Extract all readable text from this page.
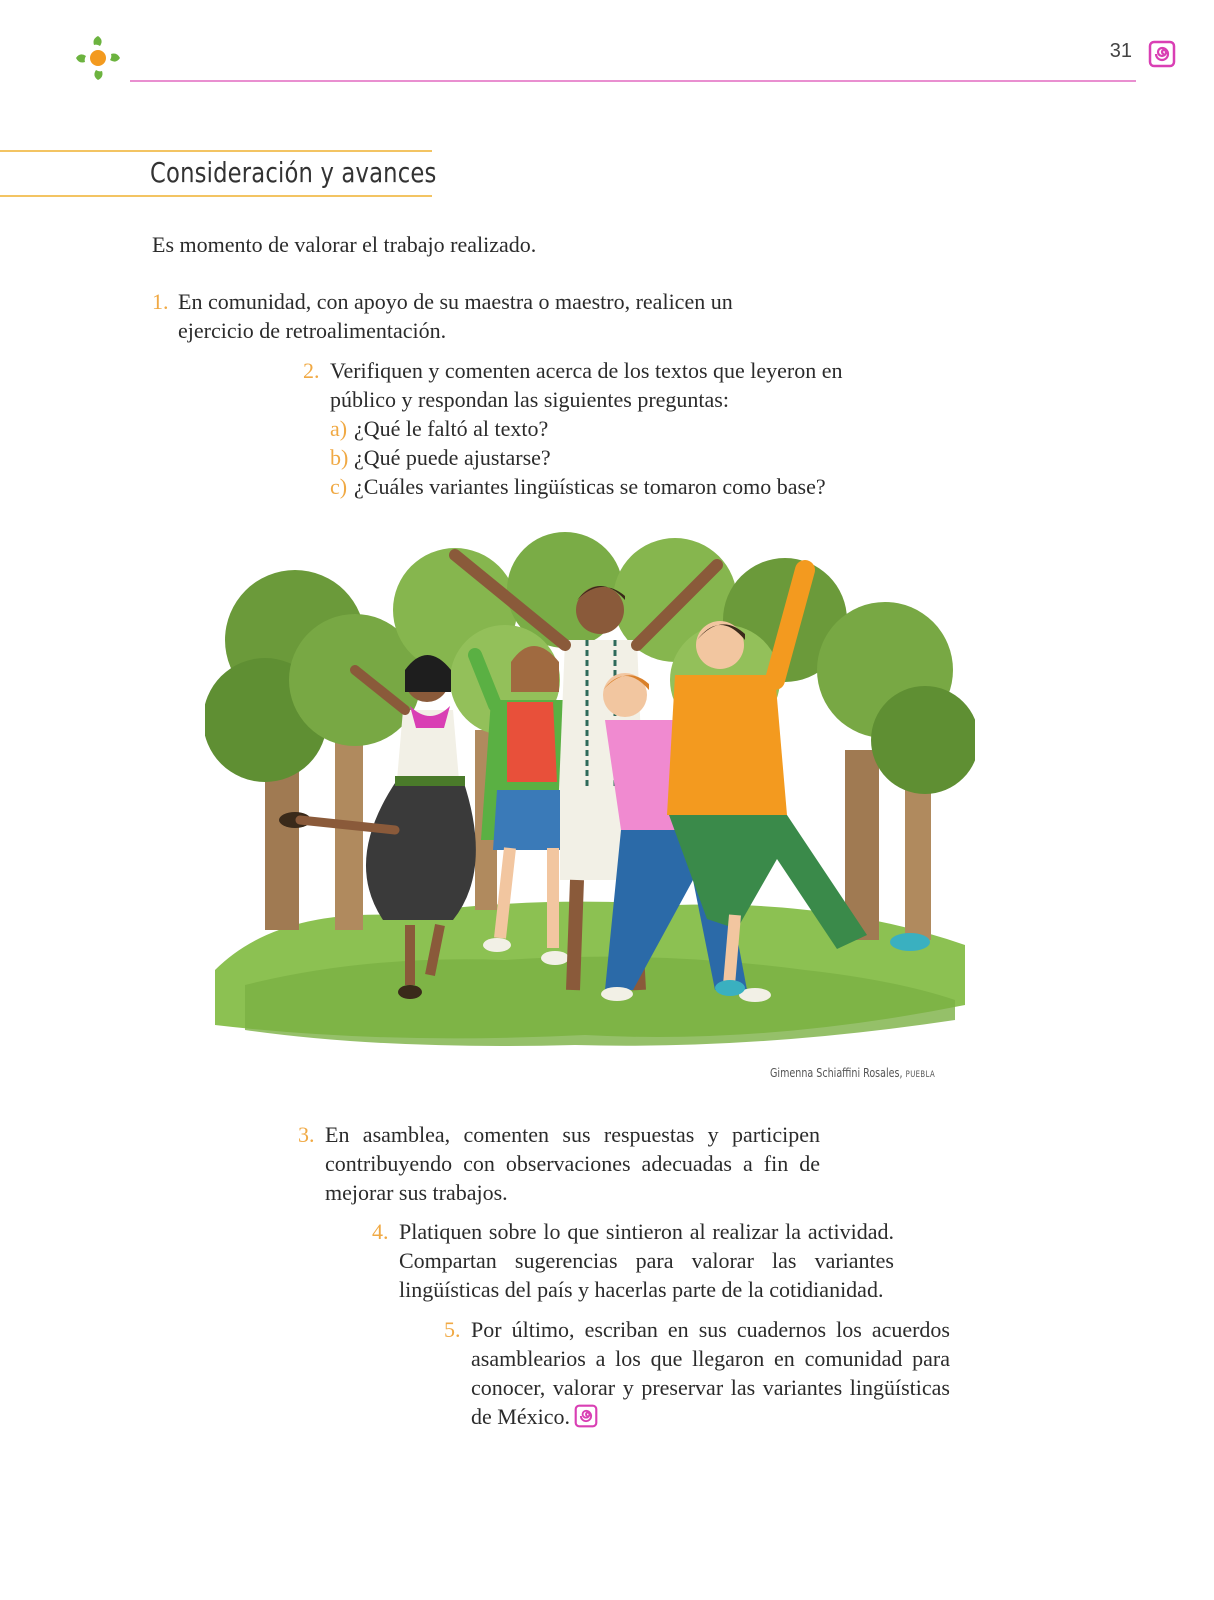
31
Consideración y avances
Es momento de valorar el trabajo realizado.
1. En comunidad, con apoyo de su maestra o maestro, realicen un ejercicio de retroalimentación.
2. Verifiquen y comenten acerca de los textos que leyeron en público y respondan las siguientes preguntas:
a) ¿Qué le faltó al texto?
b) ¿Qué puede ajustarse?
c) ¿Cuáles variantes lingüísticas se tomaron como base?
Gimenna Schiaffini Rosales, PUEBLA
3. En asamblea, comenten sus respuestas y participen contribuyendo con observaciones adecuadas a fin de mejorar sus trabajos.
4. Platiquen sobre lo que sintieron al realizar la actividad. Compartan sugerencias para valorar las variantes lingüísticas del país y hacerlas parte de la cotidianidad.
5. Por último, escriban en sus cuadernos los acuerdos asamblearios a los que llegaron en comunidad para conocer, valorar y preservar las variantes lingüísticas de México.
